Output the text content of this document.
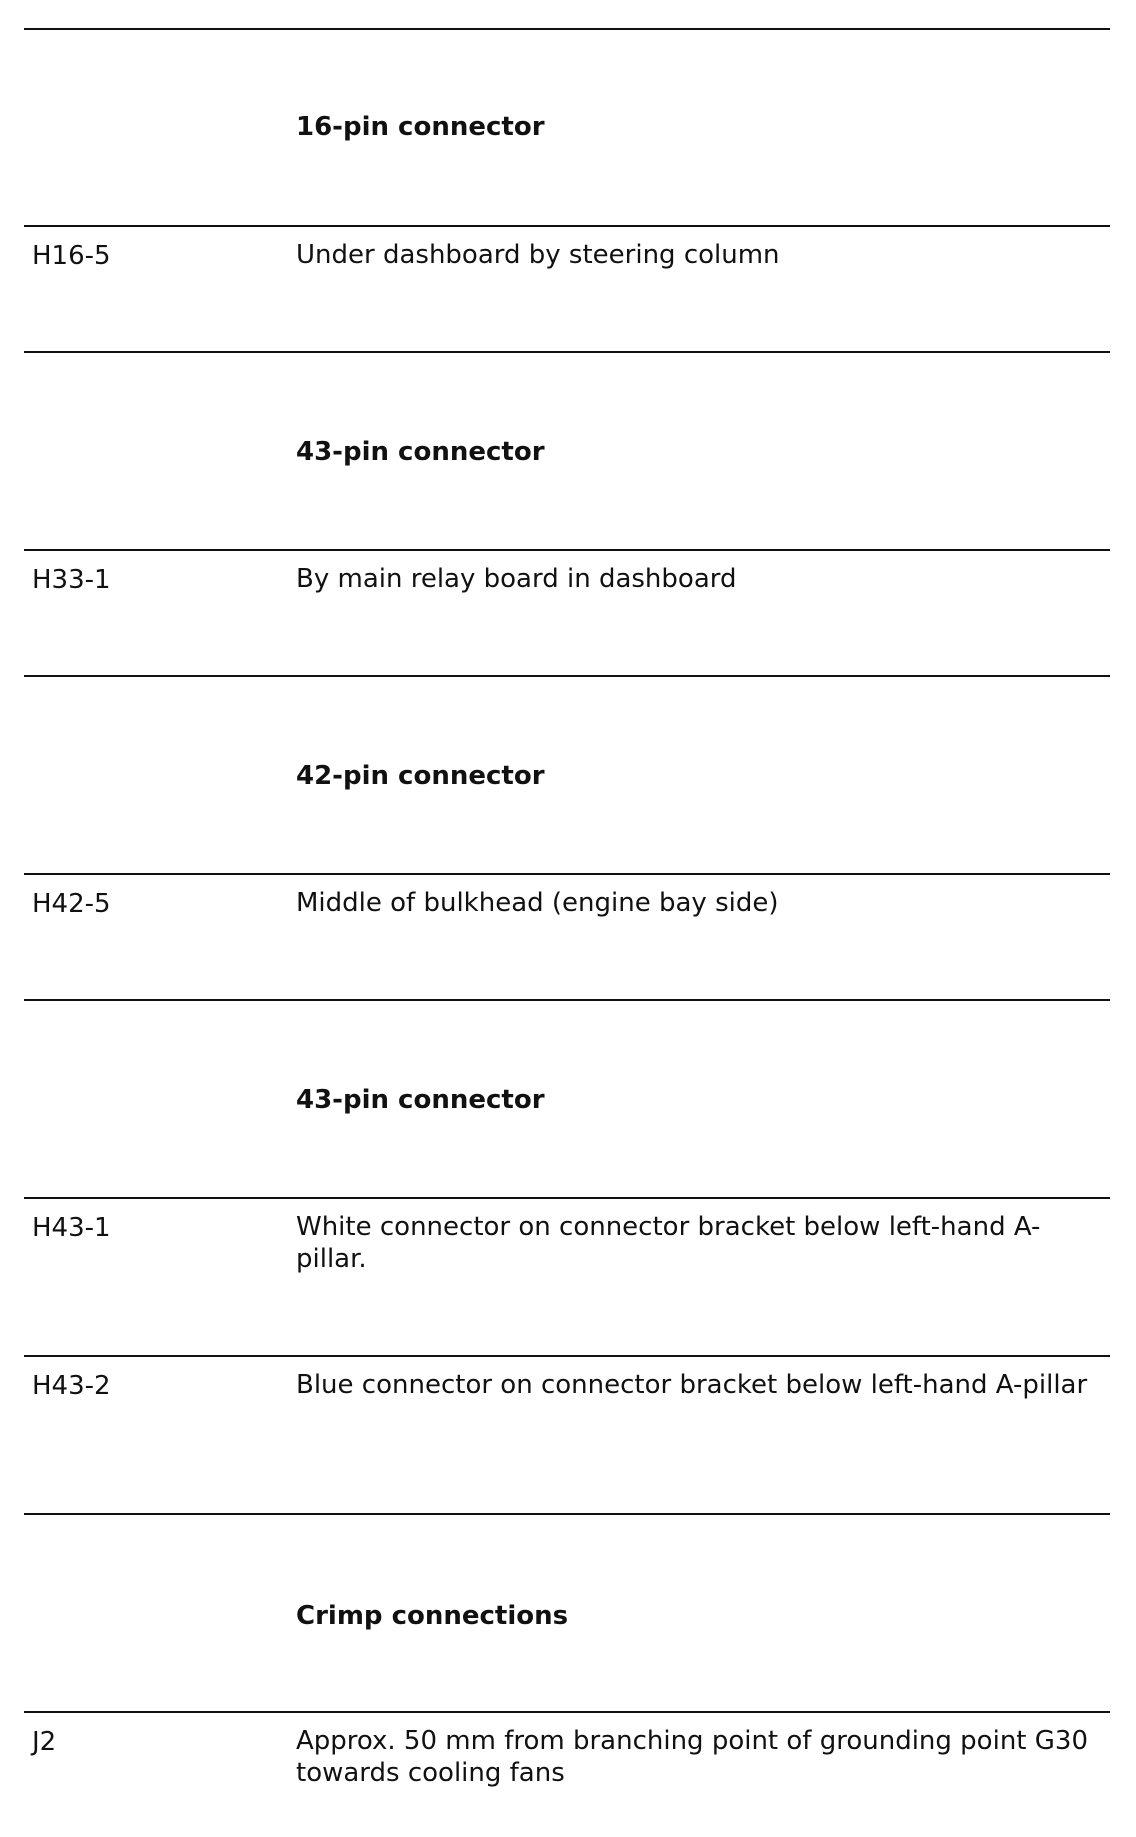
16-pin connector
H16-5	Under dashboard by steering column
43-pin connector
H33-1	By main relay board in dashboard
42-pin connector
H42-5	Middle of bulkhead (engine bay side)
43-pin connector
H43-1	White connector on connector bracket below left-hand A-pillar.
H43-2	Blue connector on connector bracket below left-hand A-pillar
Crimp connections
J2	Approx. 50 mm from branching point of grounding point G30 towards cooling fans
